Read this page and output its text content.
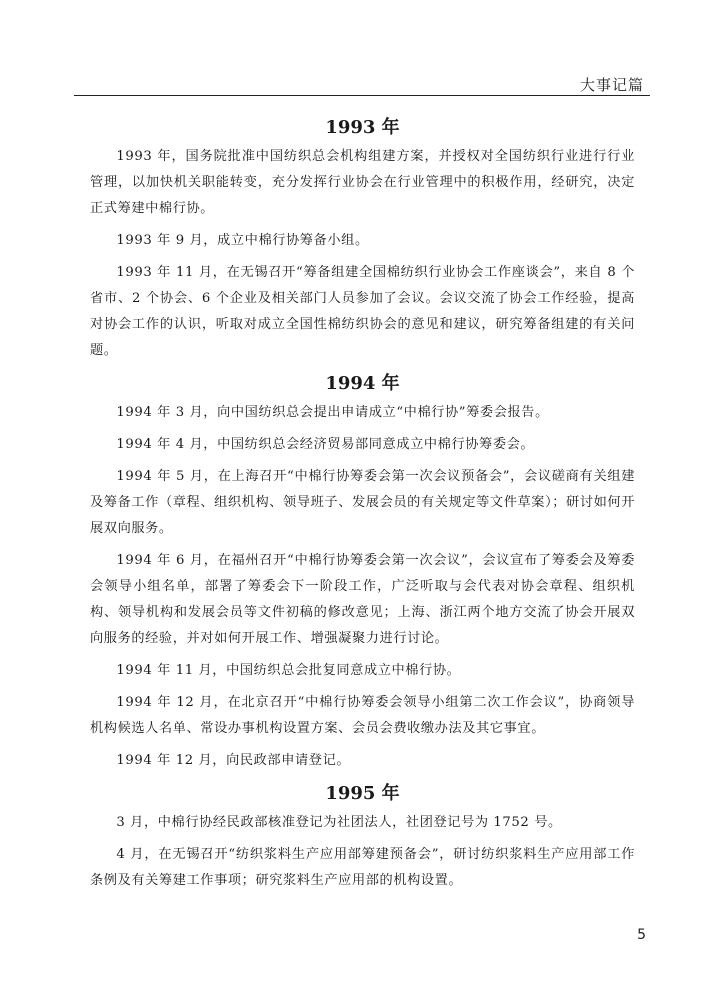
大事记篇
1993 年

1993 年，国务院批准中国纺织总会机构组建方案，并授权对全国纺织行业进行行业管理，以加快机关职能转变，充分发挥行业协会在行业管理中的积极作用，经研究，决定正式筹建中棉行协。

1993 年 9 月，成立中棉行协筹备小组。

1993 年 11 月，在无锡召开“筹备组建全国棉纺织行业协会工作座谈会”，来自 8 个省市、2 个协会、6 个企业及相关部门人员参加了会议。会议交流了协会工作经验，提高对协会工作的认识，听取对成立全国性棉纺织协会的意见和建议，研究筹备组建的有关问题。

1994 年

1994 年 3 月，向中国纺织总会提出申请成立“中棉行协”筹委会报告。

1994 年 4 月，中国纺织总会经济贸易部同意成立中棉行协筹委会。

1994 年 5 月，在上海召开“中棉行协筹委会第一次会议预备会”，会议磋商有关组建及筹备工作（章程、组织机构、领导班子、发展会员的有关规定等文件草案）；研讨如何开展双向服务。

1994 年 6 月，在福州召开“中棉行协筹委会第一次会议”，会议宣布了筹委会及筹委会领导小组名单，部署了筹委会下一阶段工作，广泛听取与会代表对协会章程、组织机构、领导机构和发展会员等文件初稿的修改意见；上海、浙江两个地方交流了协会开展双向服务的经验，并对如何开展工作、增强凝聚力进行讨论。

1994 年 11 月，中国纺织总会批复同意成立中棉行协。

1994 年 12 月，在北京召开“中棉行协筹委会领导小组第二次工作会议”，协商领导机构候选人名单、常设办事机构设置方案、会员会费收缴办法及其它事宜。

1994 年 12 月，向民政部申请登记。

1995 年

3 月，中棉行协经民政部核准登记为社团法人，社团登记号为 1752 号。

4 月，在无锡召开“纺织浆料生产应用部筹建预备会”，研讨纺织浆料生产应用部工作条例及有关筹建工作事项；研究浆料生产应用部的机构设置。

5
